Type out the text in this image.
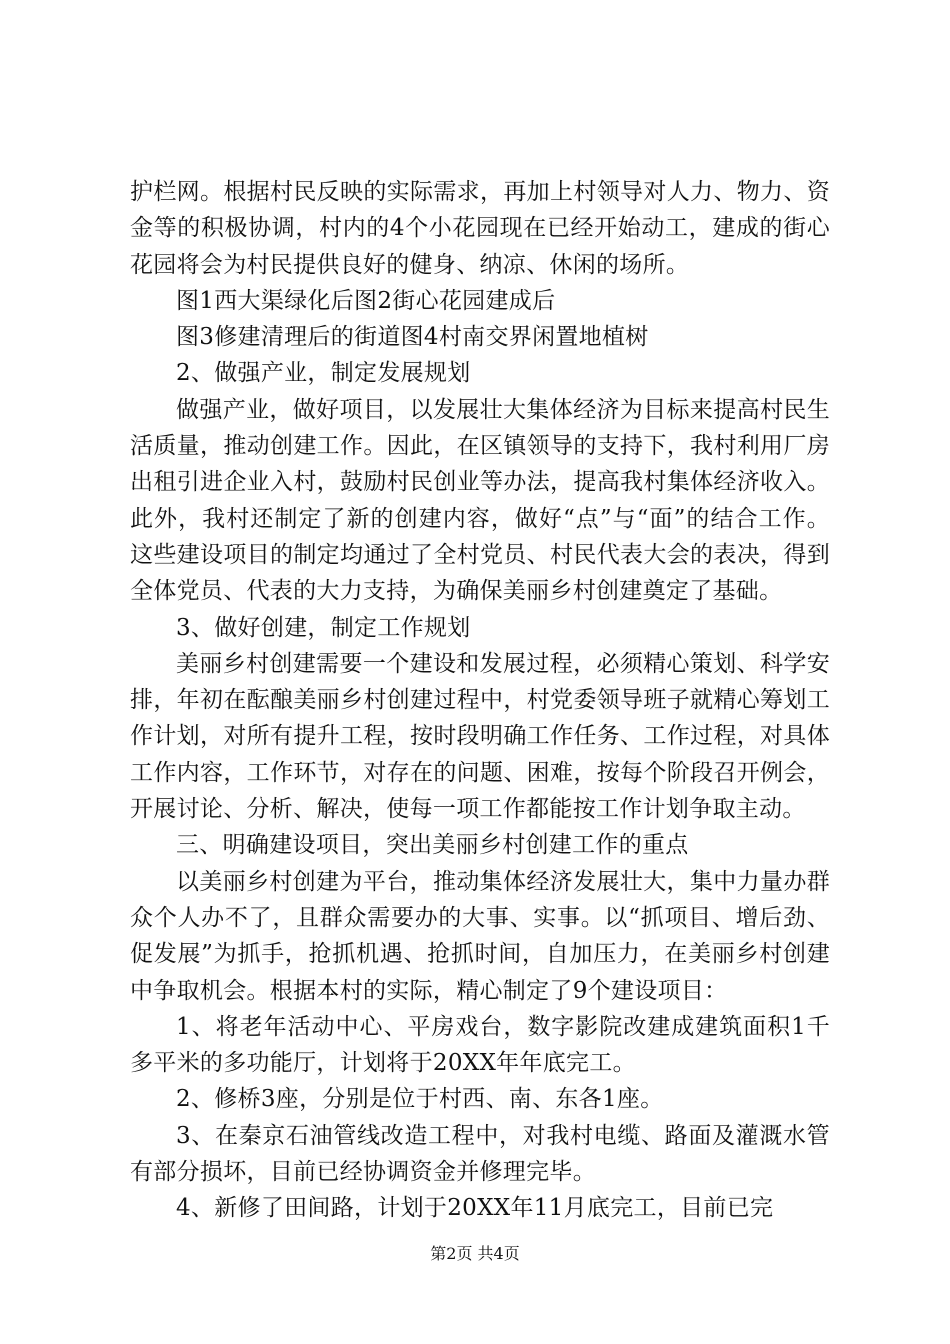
护栏网。根据村民反映的实际需求，再加上村领导对人力、物力、资金等的积极协调，村内的4个小花园现在已经开始动工，建成的街心花园将会为村民提供良好的健身、纳凉、休闲的场所。

图1西大渠绿化后图2街心花园建成后

图3修建清理后的街道图4村南交界闲置地植树

2、做强产业，制定发展规划

做强产业，做好项目，以发展壮大集体经济为目标来提高村民生活质量，推动创建工作。因此，在区镇领导的支持下，我村利用厂房出租引进企业入村，鼓励村民创业等办法，提高我村集体经济收入。此外，我村还制定了新的创建内容，做好“点”与“面”的结合工作。这些建设项目的制定均通过了全村党员、村民代表大会的表决，得到全体党员、代表的大力支持，为确保美丽乡村创建奠定了基础。

3、做好创建，制定工作规划

美丽乡村创建需要一个建设和发展过程，必须精心策划、科学安排，年初在酝酿美丽乡村创建过程中，村党委领导班子就精心筹划工作计划，对所有提升工程，按时段明确工作任务、工作过程，对具体工作内容，工作环节，对存在的问题、困难，按每个阶段召开例会，开展讨论、分析、解决，使每一项工作都能按工作计划争取主动。

三、明确建设项目，突出美丽乡村创建工作的重点

以美丽乡村创建为平台，推动集体经济发展壮大，集中力量办群众个人办不了，且群众需要办的大事、实事。以“抓项目、增后劲、促发展”为抓手，抢抓机遇、抢抓时间，自加压力，在美丽乡村创建中争取机会。根据本村的实际，精心制定了9个建设项目：

1、将老年活动中心、平房戏台，数字影院改建成建筑面积1千多平米的多功能厅，计划将于20XX年年底完工。

2、修桥3座，分别是位于村西、南、东各1座。

3、在秦京石油管线改造工程中，对我村电缆、路面及灌溉水管有部分损坏，目前已经协调资金并修理完毕。

4、新修了田间路，计划于20XX年11月底完工，目前已完

第2页 共4页
